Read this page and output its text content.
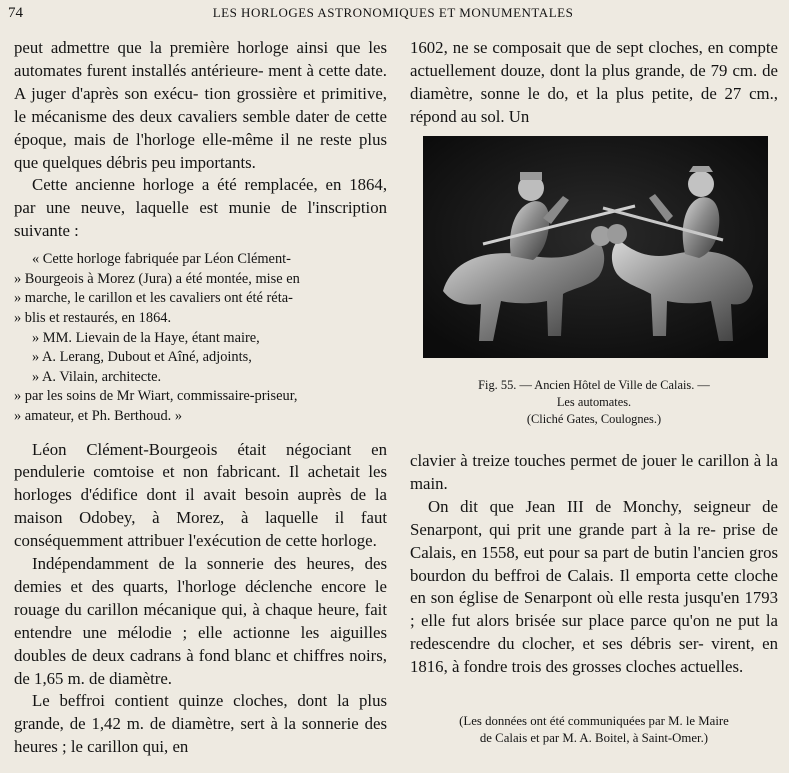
74	LES HORLOGES ASTRONOMIQUES ET MONUMENTALES

peut admettre que la première horloge ainsi que les automates furent installés antérieure- ment à cette date. A juger d'après son exécu- tion grossière et primitive, le mécanisme des deux cavaliers semble dater de cette époque, mais de l'horloge elle-même il ne reste plus que quelques débris peu importants.

Cette ancienne horloge a été remplacée, en 1864, par une neuve, laquelle est munie de l'inscription suivante :

« Cette horloge fabriquée par Léon Clément-
» Bourgeois à Morez (Jura) a été montée, mise en
» marche, le carillon et les cavaliers ont été réta-
» blis et restaurés, en 1864.
» MM. Lievain de la Haye, étant maire,
» A. Lerang, Dubout et Aîné, adjoints,
» A. Vilain, architecte.
» par les soins de Mr Wiart, commissaire-priseur,
» amateur, et Ph. Berthoud. »

Léon Clément-Bourgeois était négociant en pendulerie comtoise et non fabricant. Il achetait les horloges d'édifice dont il avait besoin auprès de la maison Odobey, à Morez, à laquelle il faut conséquemment attribuer l'exécution de cette horloge.

Indépendamment de la sonnerie des heures, des demies et des quarts, l'horloge déclenche encore le rouage du carillon mécanique qui, à chaque heure, fait entendre une mélodie ; elle actionne les aiguilles doubles de deux cadrans à fond blanc et chiffres noirs, de 1,65 m. de diamètre.

Le beffroi contient quinze cloches, dont la plus grande, de 1,42 m. de diamètre, sert à la sonnerie des heures ; le carillon qui, en

1602, ne se composait que de sept cloches, en compte actuellement douze, dont la plus grande, de 79 cm. de diamètre, sonne le do, et la plus petite, de 27 cm., répond au sol. Un

Fig. 55. — Ancien Hôtel de Ville de Calais. —
Les automates.
(Cliché Gates, Coulognes.)

clavier à treize touches permet de jouer le carillon à la main.

On dit que Jean III de Monchy, seigneur de Senarpont, qui prit une grande part à la re- prise de Calais, en 1558, eut pour sa part de butin l'ancien gros bourdon du beffroi de Calais. Il emporta cette cloche en son église de Senarpont où elle resta jusqu'en 1793 ; elle fut alors brisée sur place parce qu'on ne put la redescendre du clocher, et ses débris ser- virent, en 1816, à fondre trois des grosses cloches actuelles.

(Les données ont été communiquées par M. le Maire
de Calais et par M. A. Boitel, à Saint-Omer.)
